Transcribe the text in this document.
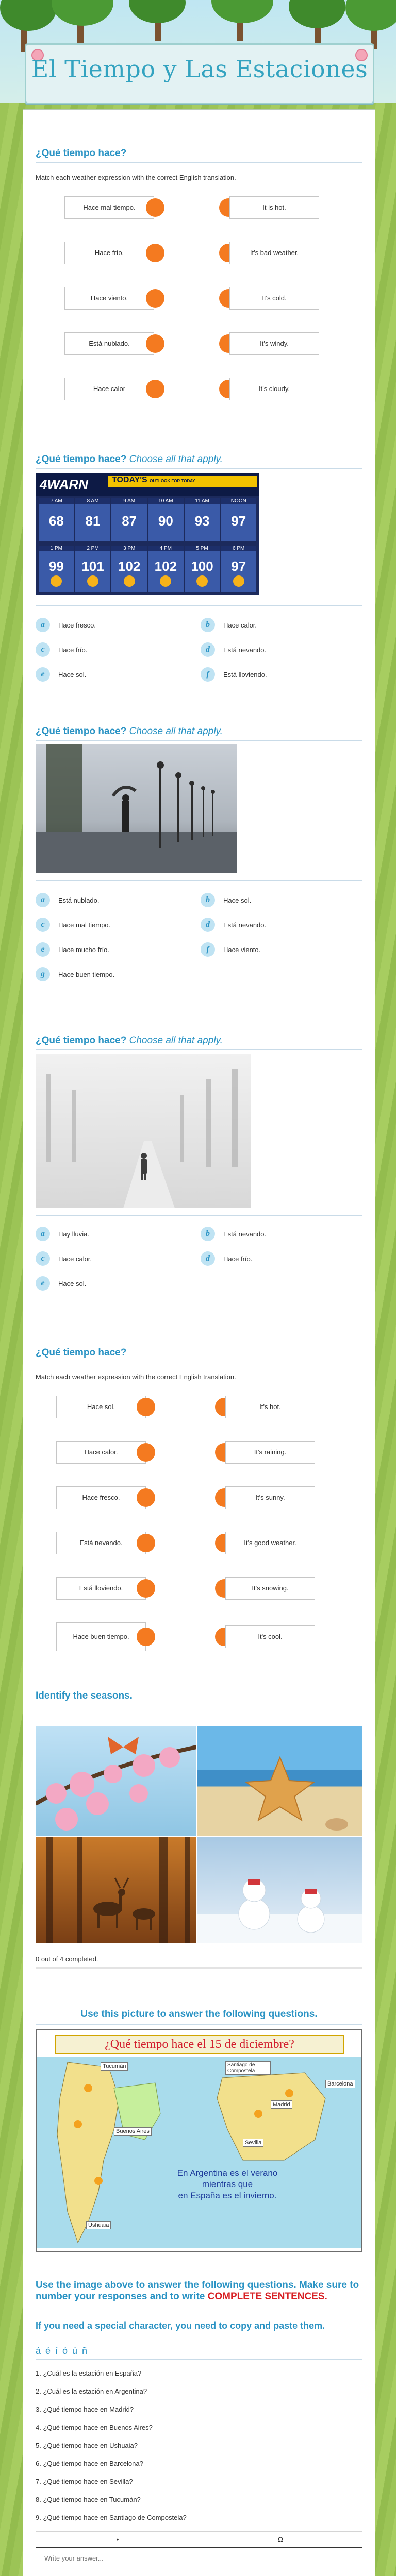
El Tiempo y Las Estaciones
¿Qué tiempo hace?
Match each weather expression with the correct English translation.
Hace mal tiempo.	It is hot.
Hace frío.	It's bad weather.
Hace viento.	It's cold.
Está nublado.	It's windy.
Hace calor	It's cloudy.
¿Qué tiempo hace? Choose all that apply.
4WARN	TODAY'S OUTLOOK FOR TODAY
7 AM
68
8 AM
81
9 AM
87
10 AM
90
11 AM
93
NOON
97
1 PM
99
2 PM
101
3 PM
102
4 PM
102
5 PM
100
6 PM
97
a	Hace fresco.	b	Hace calor.
c	Hace frío.	d	Está nevando.
e	Hace sol.	f	Está lloviendo.
¿Qué tiempo hace? Choose all that apply.
a	Está nublado.	b	Hace sol.
c	Hace mal tiempo.	d	Está nevando.
e	Hace mucho frío.	f	Hace viento.
g	Hace buen tiempo.
¿Qué tiempo hace? Choose all that apply.
a	Hay lluvia.	b	Está nevando.
c	Hace calor.	d	Hace frío.
e	Hace sol.
¿Qué tiempo hace?
Match each weather expression with the correct English translation.
Hace sol.	It's hot.
Hace calor.	It's raining.
Hace fresco.	It's sunny.
Está nevando.	It's good weather.
Está lloviendo.	It's snowing.
Hace buen tiempo.	It's cool.
Identify the seasons.
0 out of 4 completed.
Use this picture to answer the following questions.
¿Qué tiempo hace el 15 de diciembre?
Tucumán
Buenos Aires
Ushuaia
Santiago de Compostela
Barcelona
Madrid
Sevilla
En Argentina es el verano
mientras que
en España es el invierno.
Use the image above to answer the following questions. Make sure to number your responses and to write COMPLETE SENTENCES.
If you need a special character, you need to copy and paste them.
á é í ó ú ñ
1. ¿Cuál es la estación en España?
2. ¿Cuál es la estación en Argentina?
3. ¿Qué tiempo hace en Madrid?
4. ¿Qué tiempo hace en Buenos Aires?
5. ¿Qué tiempo hace en Ushuaia?
6. ¿Qué tiempo hace en Barcelona?
7. ¿Qué tiempo hace en Sevilla?
8. ¿Qué tiempo hace en Tucumán?
9. ¿Qué tiempo hace en Santiago de Compostela?
•	Ω
Write your answer...
